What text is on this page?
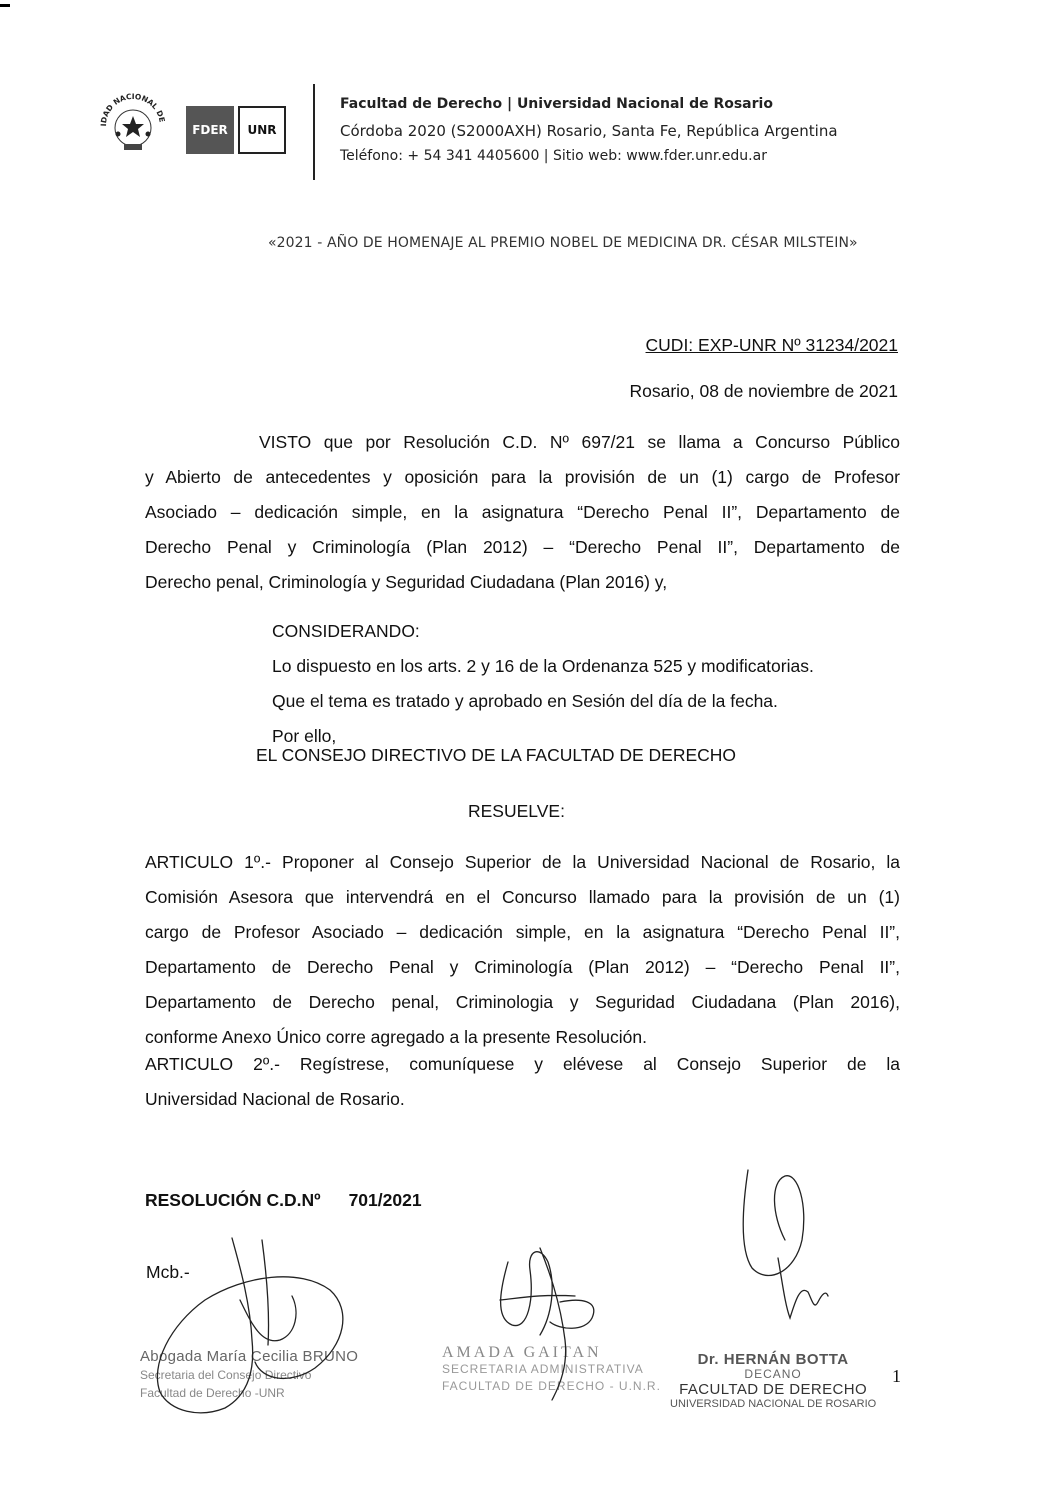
IDAD NACIONAL DE
FDER	UNR
Facultad de Derecho | Universidad Nacional de Rosario
Córdoba 2020 (S2000AXH) Rosario, Santa Fe, República Argentina
Teléfono: + 54 341 4405600 | Sitio web: www.fder.unr.edu.ar
«2021 - AÑO DE HOMENAJE AL PREMIO NOBEL DE MEDICINA DR. CÉSAR MILSTEIN»
CUDI: EXP-UNR Nº 31234/2021
Rosario, 08 de noviembre de 2021
VISTO que por Resolución C.D. Nº 697/21 se llama a Concurso Público
y Abierto de antecedentes y oposición para la provisión de un (1) cargo de Profesor
Asociado – dedicación simple, en la asignatura “Derecho Penal II”, Departamento de
Derecho Penal y Criminología (Plan 2012) – “Derecho Penal II”, Departamento de
Derecho penal, Criminología y Seguridad Ciudadana (Plan 2016) y,
CONSIDERANDO:
Lo dispuesto en los arts. 2 y 16 de la Ordenanza 525 y modificatorias.
Que el tema es tratado y aprobado en Sesión del día de la fecha.
Por ello,
EL CONSEJO DIRECTIVO DE LA FACULTAD DE DERECHO
RESUELVE:
ARTICULO 1º.- Proponer al Consejo Superior de la Universidad Nacional de Rosario, la
Comisión Asesora que intervendrá en el Concurso llamado para la provisión de un (1)
cargo de Profesor Asociado – dedicación simple, en la asignatura “Derecho Penal II”,
Departamento de Derecho Penal y Criminología (Plan 2012) – “Derecho Penal II”,
Departamento de Derecho penal, Criminologia y Seguridad Ciudadana (Plan 2016),
conforme Anexo Único corre agregado a la presente Resolución.
ARTICULO 2º.- Regístrese, comuníquese y elévese al Consejo Superior de la
Universidad Nacional de Rosario.
RESOLUCIÓN C.D.Nº 701/2021
Mcb.-
Abogada María Cecilia BRUNO
Secretaria del Consejo Directivo
Facultad de Derecho -UNR
AMADA GAITAN
SECRETARIA ADMINISTRATIVA
FACULTAD DE DERECHO - U.N.R.
Dr. HERNÁN BOTTA
DECANO
FACULTAD DE DERECHO
UNIVERSIDAD NACIONAL DE ROSARIO
1
